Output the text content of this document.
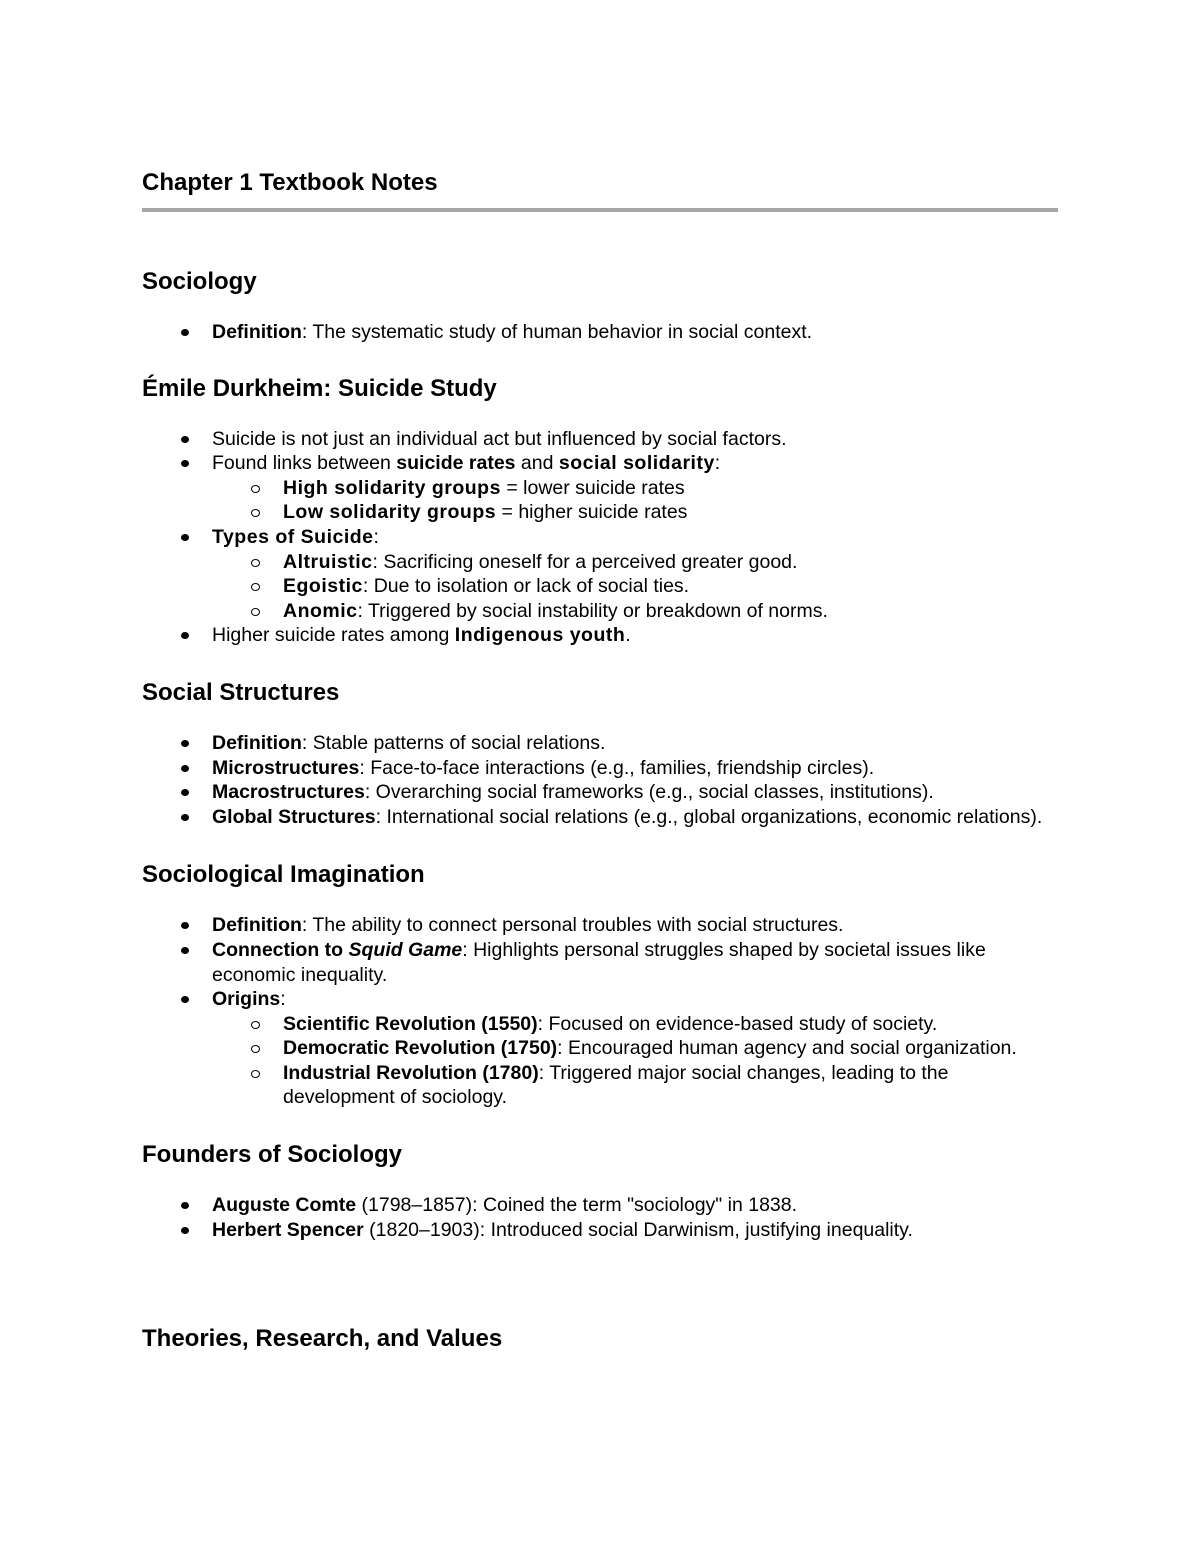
Chapter 1 Textbook Notes
Sociology
Definition: The systematic study of human behavior in social context.
Émile Durkheim: Suicide Study
Suicide is not just an individual act but influenced by social factors.
Found links between suicide rates and social solidarity:
High solidarity groups = lower suicide rates
Low solidarity groups = higher suicide rates
Types of Suicide:
Altruistic: Sacrificing oneself for a perceived greater good.
Egoistic: Due to isolation or lack of social ties.
Anomic: Triggered by social instability or breakdown of norms.
Higher suicide rates among Indigenous youth.
Social Structures
Definition: Stable patterns of social relations.
Microstructures: Face-to-face interactions (e.g., families, friendship circles).
Macrostructures: Overarching social frameworks (e.g., social classes, institutions).
Global Structures: International social relations (e.g., global organizations, economic relations).
Sociological Imagination
Definition: The ability to connect personal troubles with social structures.
Connection to Squid Game: Highlights personal struggles shaped by societal issues like economic inequality.
Origins:
Scientific Revolution (1550): Focused on evidence-based study of society.
Democratic Revolution (1750): Encouraged human agency and social organization.
Industrial Revolution (1780): Triggered major social changes, leading to the development of sociology.
Founders of Sociology
Auguste Comte (1798–1857): Coined the term "sociology" in 1838.
Herbert Spencer (1820–1903): Introduced social Darwinism, justifying inequality.
Theories, Research, and Values
